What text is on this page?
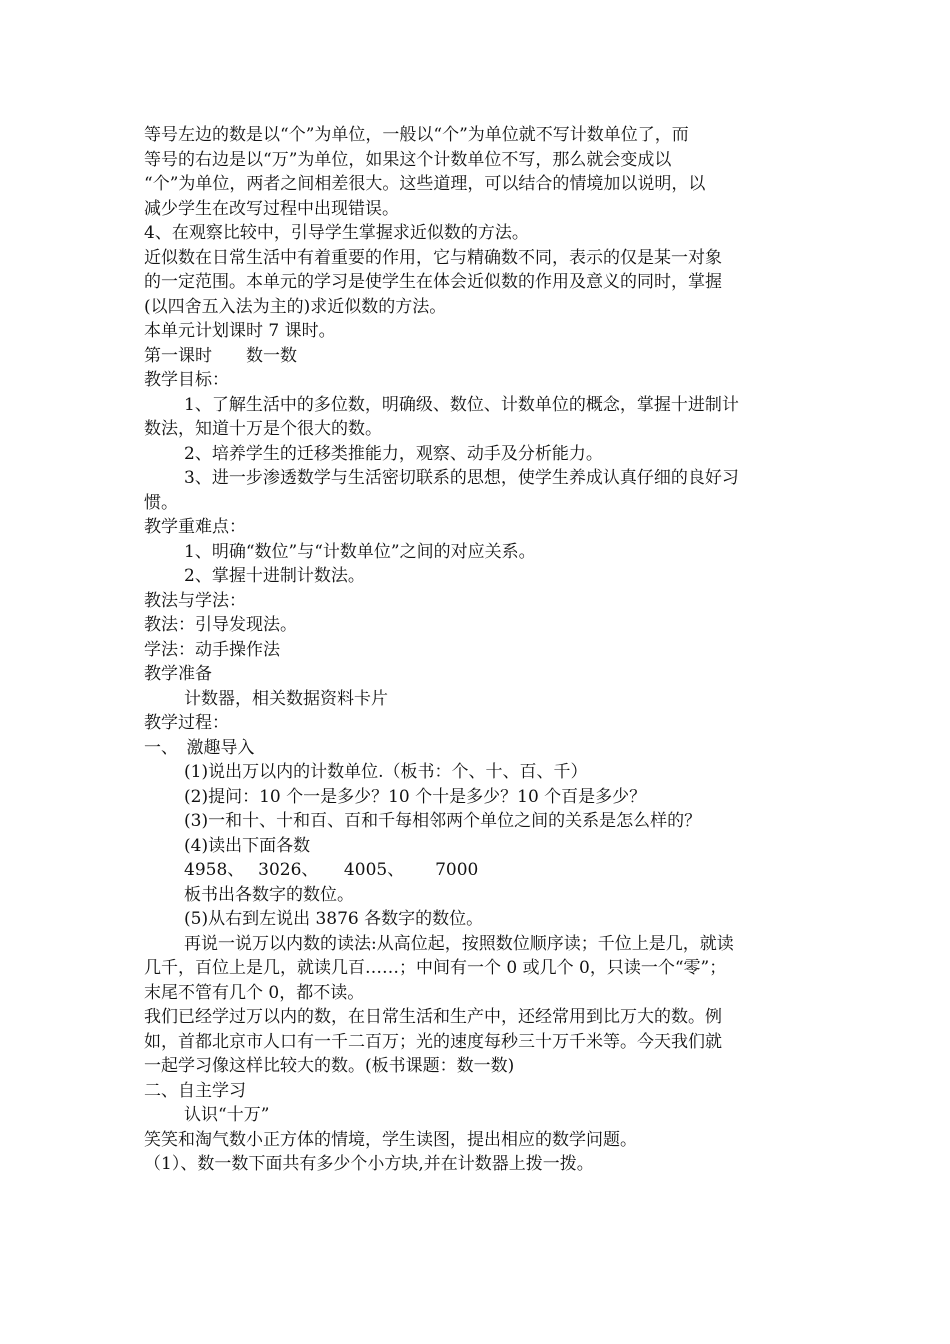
等号左边的数是以“个”为单位，一般以“个”为单位就不写计数单位了，而
等号的右边是以“万”为单位，如果这个计数单位不写，那么就会变成以
“个”为单位，两者之间相差很大。这些道理，可以结合的情境加以说明，以
减少学生在改写过程中出现错误。
4、在观察比较中，引导学生掌握求近似数的方法。
近似数在日常生活中有着重要的作用，它与精确数不同，表示的仅是某一对象
的一定范围。本单元的学习是使学生在体会近似数的作用及意义的同时，掌握
(以四舍五入法为主的)求近似数的方法。
本单元计划课时 7 课时。
第一课时　　数一数
教学目标：
1、了解生活中的多位数，明确级、数位、计数单位的概念，掌握十进制计
数法，知道十万是个很大的数。
2、培养学生的迁移类推能力，观察、动手及分析能力。
3、进一步渗透数学与生活密切联系的思想，使学生养成认真仔细的良好习
惯。
教学重难点：
1、明确“数位”与“计数单位”之间的对应关系。
2、掌握十进制计数法。
教法与学法：
教法：引导发现法。
学法：动手操作法
教学准备
计数器，相关数据资料卡片
教学过程：
一、　激趣导入
(1)说出万以内的计数单位.（板书：个、十、百、千）
(2)提问：10 个一是多少？10 个十是多少？10 个百是多少？
(3)一和十、十和百、百和千每相邻两个单位之间的关系是怎么样的？
(4)读出下面各数
4958、　 3026、　　4005、　　 7000
板书出各数字的数位。
(5)从右到左说出 3876 各数字的数位。
再说一说万以内数的读法:从高位起，按照数位顺序读；千位上是几，就读
几千，百位上是几，就读几百……；中间有一个 0 或几个 0，只读一个“零”；
末尾不管有几个 0，都不读。
我们已经学过万以内的数，在日常生活和生产中，还经常用到比万大的数。例
如，首都北京市人口有一千二百万；光的速度每秒三十万千米等。今天我们就
一起学习像这样比较大的数。(板书课题：数一数)
二、自主学习
认识“十万”
笑笑和淘气数小正方体的情境，学生读图，提出相应的数学问题。
（1）、数一数下面共有多少个小方块,并在计数器上拨一拨。
